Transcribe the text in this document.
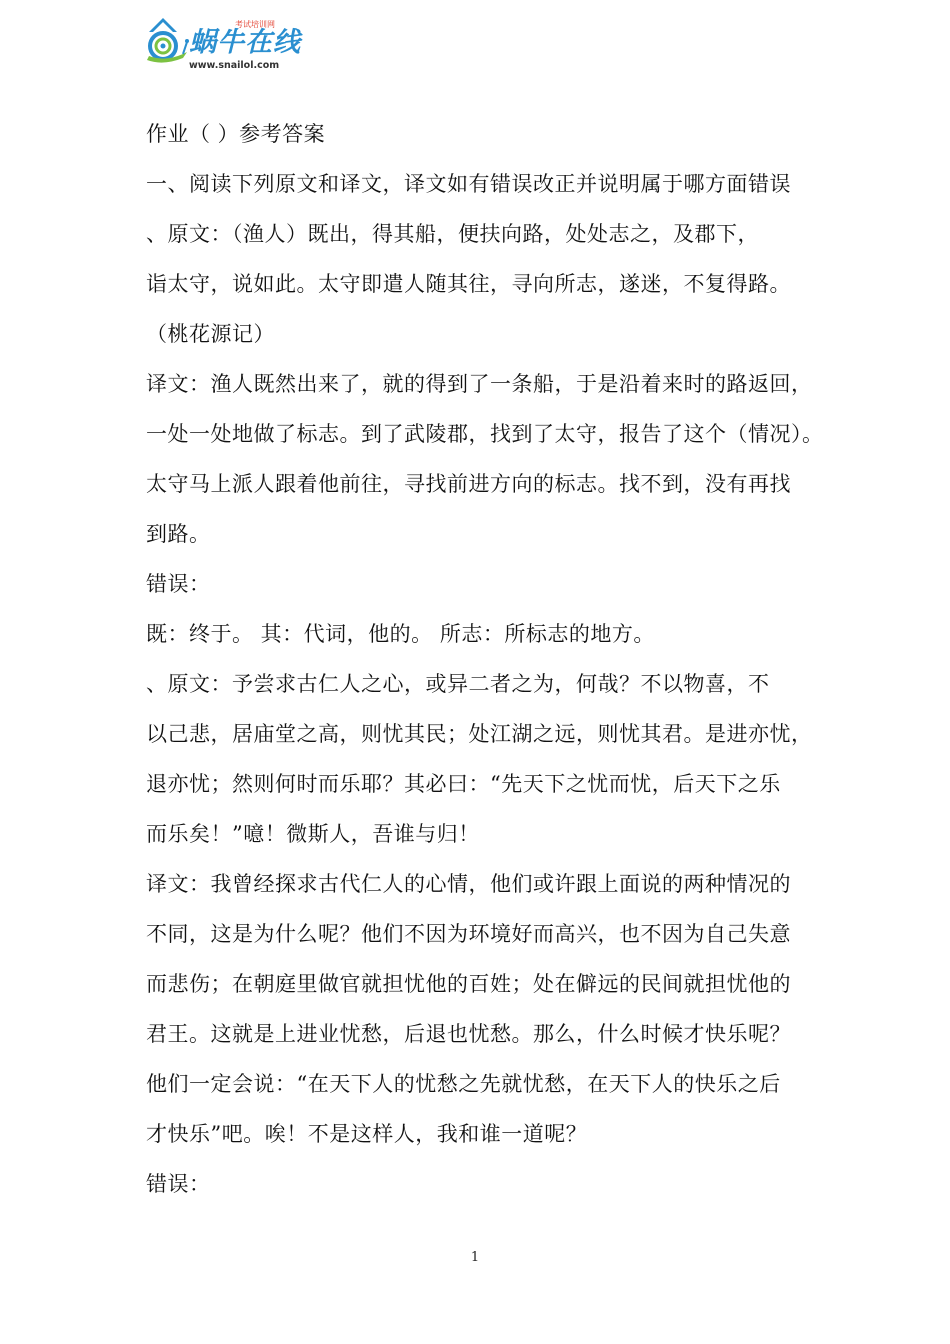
考试培训网
蜗牛在线
www.snailol.com
作业（ ）参考答案
一、阅读下列原文和译文，译文如有错误改正并说明属于哪方面错误
、原文：（渔人）既出，得其船，便扶向路，处处志之，及郡下，
诣太守，说如此。太守即遣人随其往，寻向所志，遂迷，不复得路。
（桃花源记）
译文：渔人既然出来了，就的得到了一条船，于是沿着来时的路返回，
一处一处地做了标志。到了武陵郡，找到了太守，报告了这个（情况）。
太守马上派人跟着他前往，寻找前进方向的标志。找不到，没有再找
到路。
错误：
既：终于。 其：代词，他的。 所志：所标志的地方。
、原文：予尝求古仁人之心，或异二者之为，何哉？不以物喜，不
以己悲，居庙堂之高，则忧其民；处江湖之远，则忧其君。是进亦忧，
退亦忧；然则何时而乐耶？其必曰：“先天下之忧而忧，后天下之乐
而乐矣！”噫！微斯人，吾谁与归！
译文：我曾经探求古代仁人的心情，他们或许跟上面说的两种情况的
不同，这是为什么呢？他们不因为环境好而高兴，也不因为自己失意
而悲伤；在朝庭里做官就担忧他的百姓；处在僻远的民间就担忧他的
君王。这就是上进业忧愁，后退也忧愁。那么，什么时候才快乐呢？
他们一定会说：“在天下人的忧愁之先就忧愁，在天下人的快乐之后
才快乐”吧。唉！不是这样人，我和谁一道呢？
错误：
1
